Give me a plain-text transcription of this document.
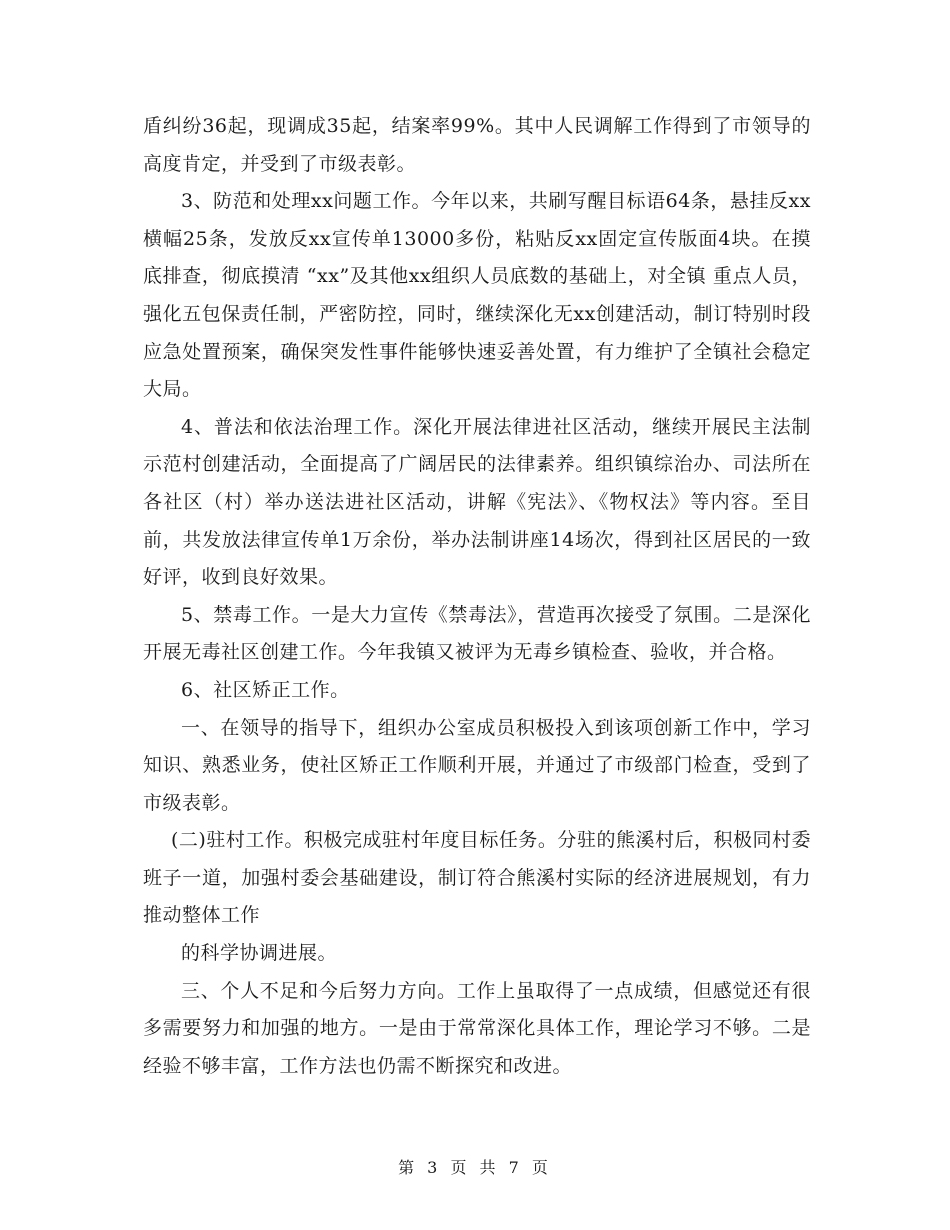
盾纠纷36起，现调成35起，结案率99%。其中人民调解工作得到了市领导的高度肯定，并受到了市级表彰。

3、防范和处理xx问题工作。今年以来，共刷写醒目标语64条，悬挂反xx横幅25条，发放反xx宣传单13000多份，粘贴反xx固定宣传版面4块。在摸底排查，彻底摸清 “xx”及其他xx组织人员底数的基础上，对全镇 重点人员，强化五包保责任制，严密防控，同时，继续深化无xx创建活动，制订特别时段应急处置预案，确保突发性事件能够快速妥善处置，有力维护了全镇社会稳定大局。

4、普法和依法治理工作。深化开展法律进社区活动，继续开展民主法制示范村创建活动，全面提高了广阔居民的法律素养。组织镇综治办、司法所在各社区（村）举办送法进社区活动，讲解《宪法》、《物权法》等内容。至目前，共发放法律宣传单1万余份，举办法制讲座14场次，得到社区居民的一致好评，收到良好效果。

5、禁毒工作。一是大力宣传《禁毒法》，营造再次接受了氛围。二是深化开展无毒社区创建工作。今年我镇又被评为无毒乡镇检查、验收，并合格。

6、社区矫正工作。

一、在领导的指导下，组织办公室成员积极投入到该项创新工作中，学习知识、熟悉业务，使社区矫正工作顺利开展，并通过了市级部门检查，受到了市级表彰。

(二)驻村工作。积极完成驻村年度目标任务。分驻的熊溪村后，积极同村委班子一道，加强村委会基础建设，制订符合熊溪村实际的经济进展规划，有力推动整体工作

的科学协调进展。

三、个人不足和今后努力方向。工作上虽取得了一点成绩，但感觉还有很多需要努力和加强的地方。一是由于常常深化具体工作，理论学习不够。二是经验不够丰富，工作方法也仍需不断探究和改进。

第 3 页 共 7 页
